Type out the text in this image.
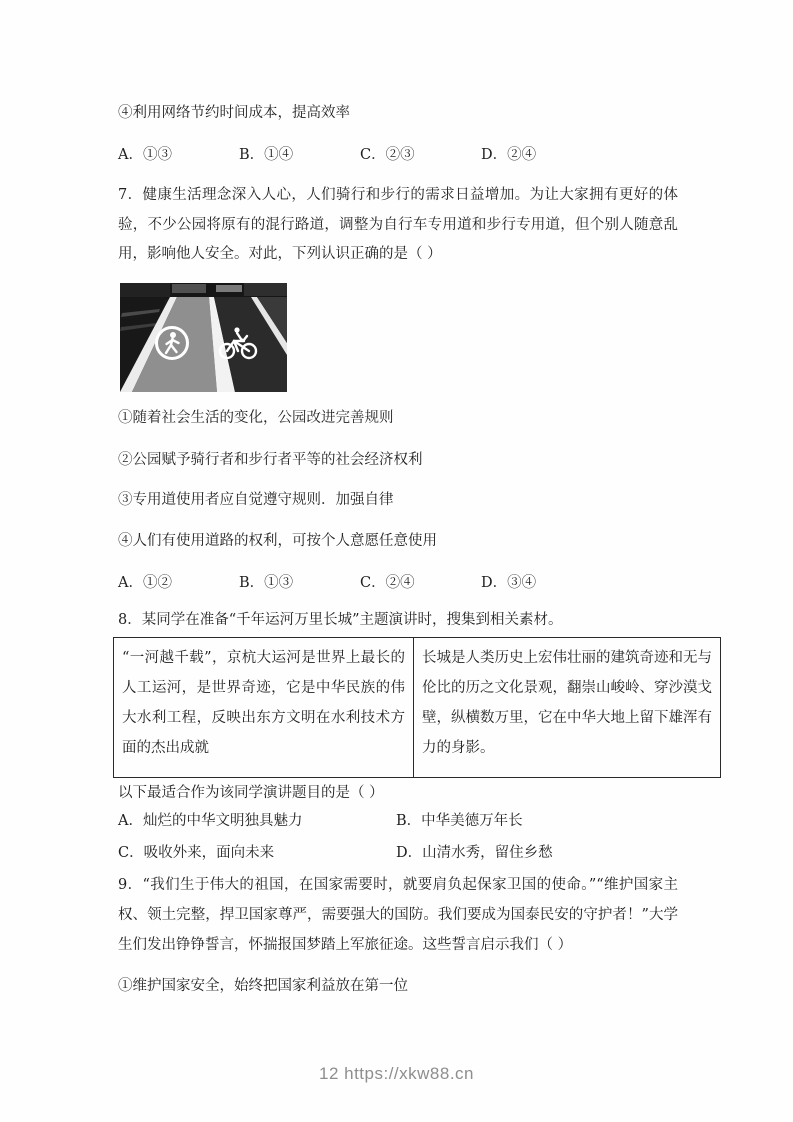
④利用网络节约时间成本，提高效率
A．①③	B．①④	C．②③	D．②④
7．健康生活理念深入人心，人们骑行和步行的需求日益增加。为让大家拥有更好的体验，不少公园将原有的混行路道，调整为自行车专用道和步行专用道，但个别人随意乱用，影响他人安全。对此，下列认识正确的是（ ）
①随着社会生活的变化，公园改进完善规则
②公园赋予骑行者和步行者平等的社会经济权利
③专用道使用者应自觉遵守规则．加强自律
④人们有使用道路的权利，可按个人意愿任意使用
A．①②	B．①③	C．②④	D．③④
8．某同学在准备“千年运河万里长城”主题演讲时，搜集到相关素材。
“一河越千载”，京杭大运河是世界上最长的人工运河，是世界奇迹，它是中华民族的伟大水利工程，反映出东方文明在水利技术方面的杰出成就	长城是人类历史上宏伟壮丽的建筑奇迹和无与伦比的历之文化景观，翻崇山峻岭、穿沙漠戈壁，纵横数万里，它在中华大地上留下雄浑有力的身影。
以下最适合作为该同学演讲题目的是（ ）
A．灿烂的中华文明独具魅力	B．中华美德万年长
C．吸收外来，面向未来	D．山清水秀，留住乡愁
9．“我们生于伟大的祖国，在国家需要时，就要肩负起保家卫国的使命。”“维护国家主权、领土完整，捍卫国家尊严，需要强大的国防。我们要成为国泰民安的守护者！”大学生们发出铮铮誓言，怀揣报国梦踏上军旅征途。这些誓言启示我们（ ）
①维护国家安全，始终把国家利益放在第一位
12 https://xkw88.cn
